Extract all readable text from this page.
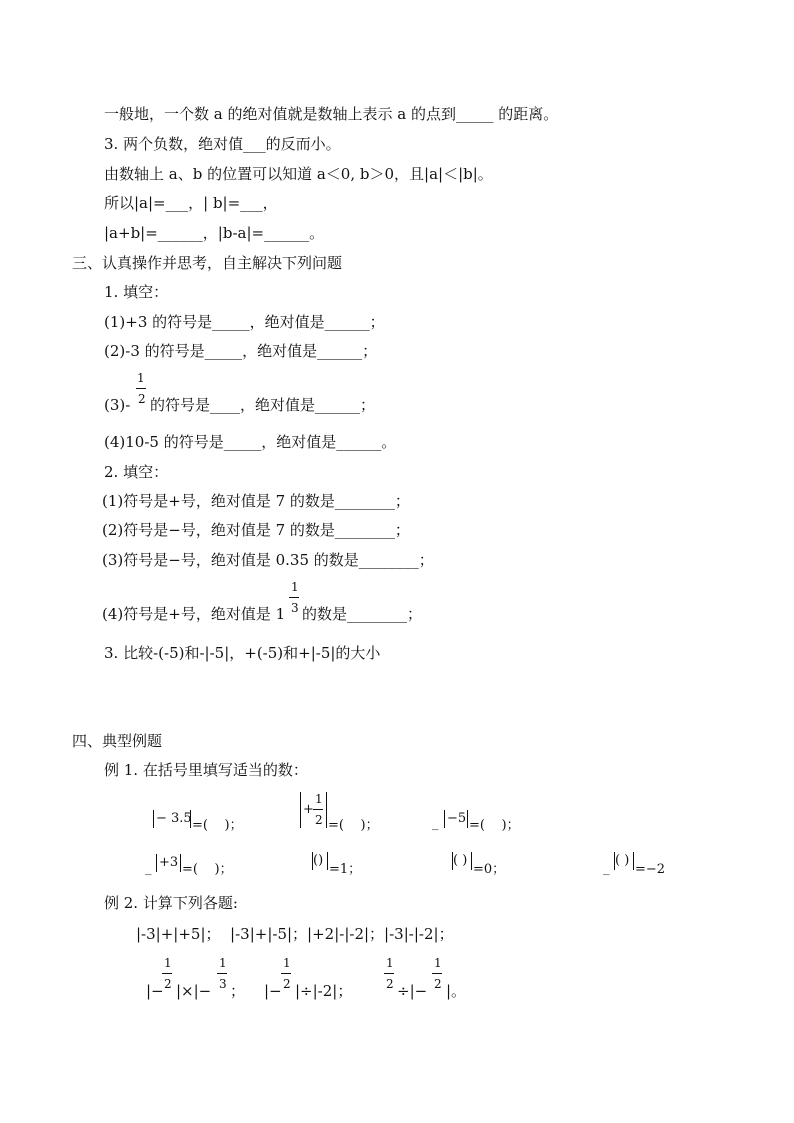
一般地，一个数 a 的绝对值就是数轴上表示 a 的点到_____ 的距离。
3. 两个负数，绝对值___的反而小。
由数轴上 a、b 的位置可以知道 a＜0, b＞0，且|a|＜|b|。
所以|a|=___，| b|=___，
|a+b|=______，|b-a|=______。
三、认真操作并思考，自主解决下列问题
1. 填空：
(1)+3 的符号是_____，绝对值是______；
(2)-3 的符号是_____，绝对值是______；
(3)-
1
2 的符号是____，绝对值是______；
(4)10-5 的符号是_____，绝对值是______。
2. 填空：
(1)符号是+号，绝对值是 7 的数是________；
(2)符号是−号，绝对值是 7 的数是________；
(3)符号是−号，绝对值是 0.35 的数是________；
(4)符号是+号，绝对值是 1
1
3 的数是________；
3. 比较-(-5)和-|-5|，+(-5)和+|-5|的大小
四、典型例题
例 1. 在括号里填写适当的数：
− 3.5 =(    )；
+
1
2 =(    )；	_ −5 =(    )；
_ +3 =(    )；
()
=1；
( )
=0；	_
( )
=−2
例 2. 计算下列各题:
|-3|+|+5|；  |-3|+|-5|；|+2|-|-2|；|-3|-|-2|；
|−
1
2 |×|−
1
3 ； |−
1
2 |÷|-2|；
1
2 ÷|−
1
2 |。
